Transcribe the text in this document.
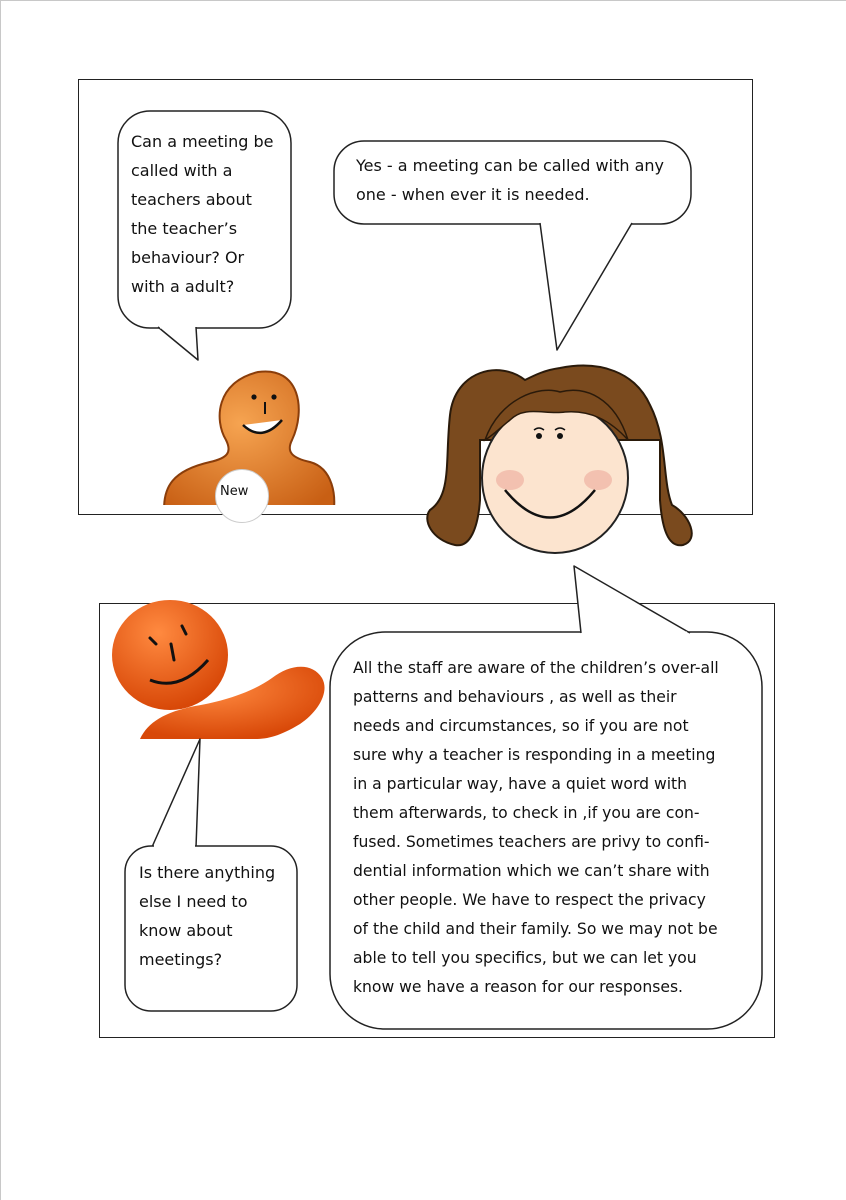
New

Can a meeting be
called with a
teachers about
the teacher’s
behaviour? Or
with a adult?

Yes - a meeting can be called with any
one - when ever it is needed.

Is there anything
else I need to
know about
meetings?

All the staff are aware of the children’s over-all
patterns and behaviours , as well as their
needs and circumstances, so if you are not
sure why a teacher is responding in a meeting
in a particular way, have a quiet word with
them afterwards, to check in ,if you are con-
fused. Sometimes teachers are privy to confi-
dential information which we can’t share with
other people. We have to respect the privacy
of the child and their family. So we may not be
able to tell you specifics, but we can let you
know we have a reason for our responses.
